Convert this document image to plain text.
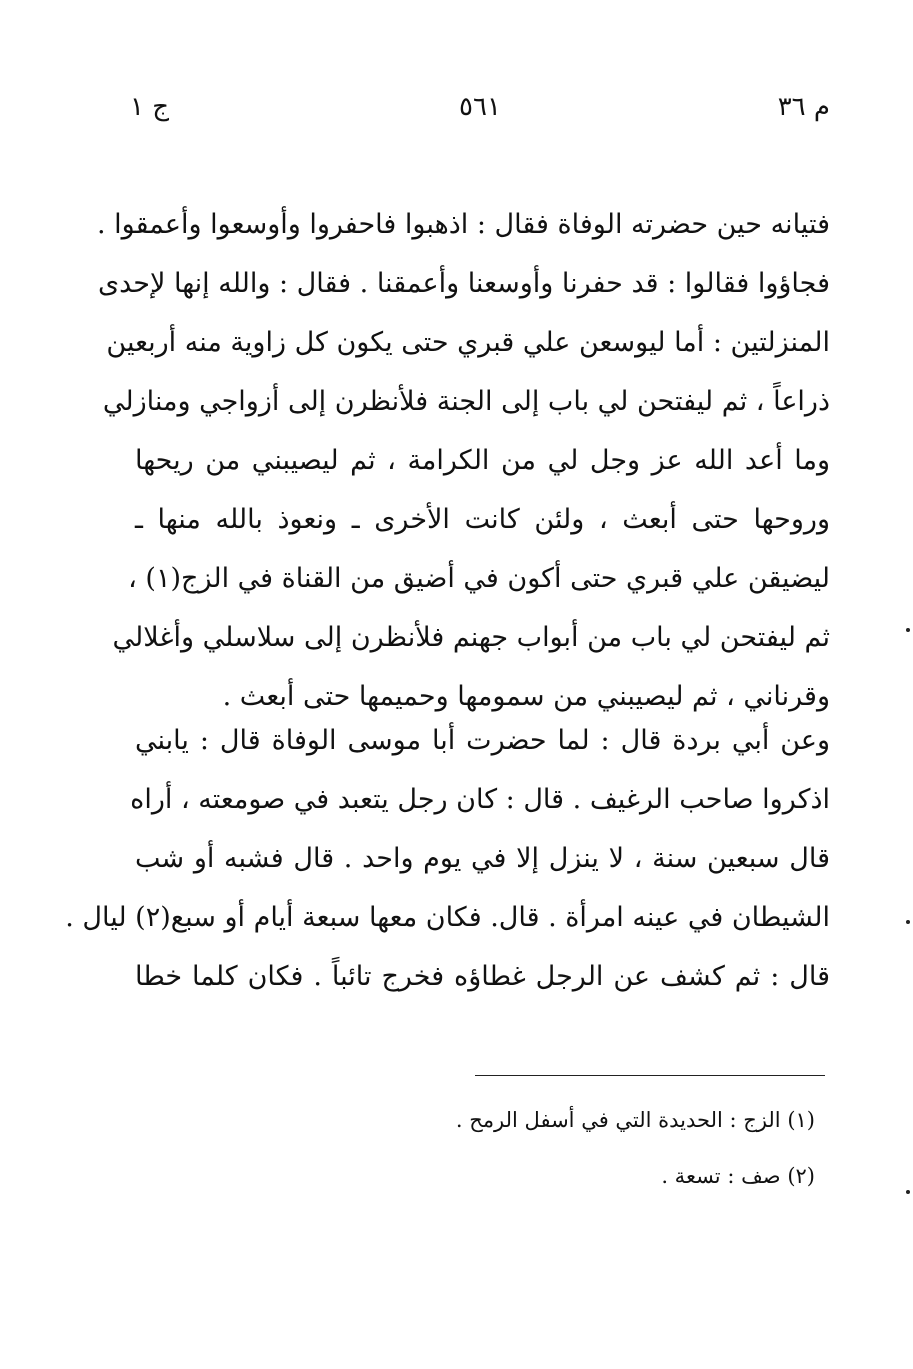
م ٣٦
٥٦١
ج ١
فتيانه حين حضرته الوفاة فقال : اذهبوا فاحفروا وأوسعوا وأعمقوا .
فجاؤوا فقالوا : قد حفرنا وأوسعنا وأعمقنا . فقال : والله إنها لإحدى
المنزلتين : أما ليوسعن علي قبري حتى يكون كل زاوية منه أربعين
ذراعاً ، ثم ليفتحن لي باب إلى الجنة فلأنظرن إلى أزواجي ومنازلي
وما أعد الله عز وجل لي من الكرامة ، ثم ليصيبني من ريحها
وروحها حتى أبعث ، ولئن كانت الأخرى ـ ونعوذ بالله منها ـ
ليضيقن علي قبري حتى أكون في أضيق من القناة في الزج(١) ،
ثم ليفتحن لي باب من أبواب جهنم فلأنظرن إلى سلاسلي وأغلالي
وقرناني ، ثم ليصيبني من سمومها وحميمها حتى أبعث .
وعن أبي بردة قال : لما حضرت أبا موسى الوفاة قال : يابني
اذكروا صاحب الرغيف . قال : كان رجل يتعبد في صومعته ، أراه
قال سبعين سنة ، لا ينزل إلا في يوم واحد . قال فشبه أو شب
الشيطان في عينه امرأة . قال. فكان معها سبعة أيام أو سبع(٢) ليال .
قال : ثم كشف عن الرجل غطاؤه فخرج تائباً . فكان كلما خطا
(١) الزج : الحديدة التي في أسفل الرمح .
(٢) صف : تسعة .
